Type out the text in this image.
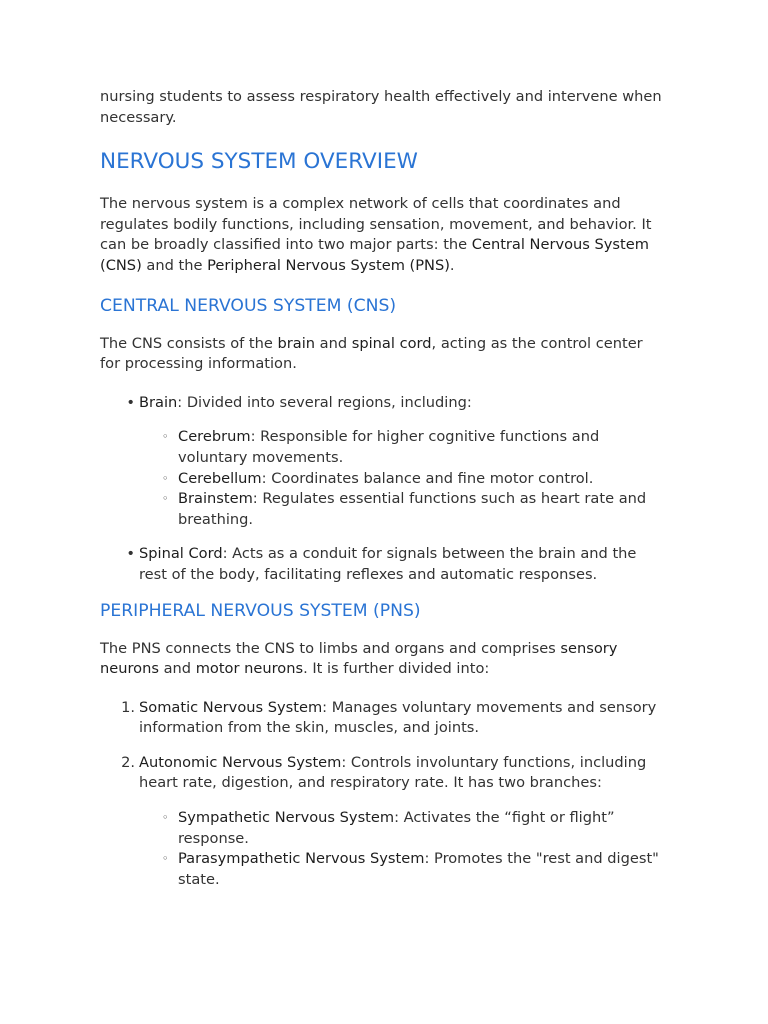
nursing students to assess respiratory health effectively and intervene when necessary.

NERVOUS SYSTEM OVERVIEW

The nervous system is a complex network of cells that coordinates and regulates bodily functions, including sensation, movement, and behavior. It can be broadly classified into two major parts: the Central Nervous System (CNS) and the Peripheral Nervous System (PNS).

CENTRAL NERVOUS SYSTEM (CNS)

The CNS consists of the brain and spinal cord, acting as the control center for processing information.

• Brain: Divided into several regions, including:
◦ Cerebrum: Responsible for higher cognitive functions and voluntary movements.
◦ Cerebellum: Coordinates balance and fine motor control.
◦ Brainstem: Regulates essential functions such as heart rate and breathing.
• Spinal Cord: Acts as a conduit for signals between the brain and the rest of the body, facilitating reflexes and automatic responses.
PERIPHERAL NERVOUS SYSTEM (PNS)

The PNS connects the CNS to limbs and organs and comprises sensory neurons and motor neurons. It is further divided into:

1. Somatic Nervous System: Manages voluntary movements and sensory information from the skin, muscles, and joints.
2. Autonomic Nervous System: Controls involuntary functions, including heart rate, digestion, and respiratory rate. It has two branches:
◦ Sympathetic Nervous System: Activates the “fight or flight” response.
◦ Parasympathetic Nervous System: Promotes the "rest and digest" state.
